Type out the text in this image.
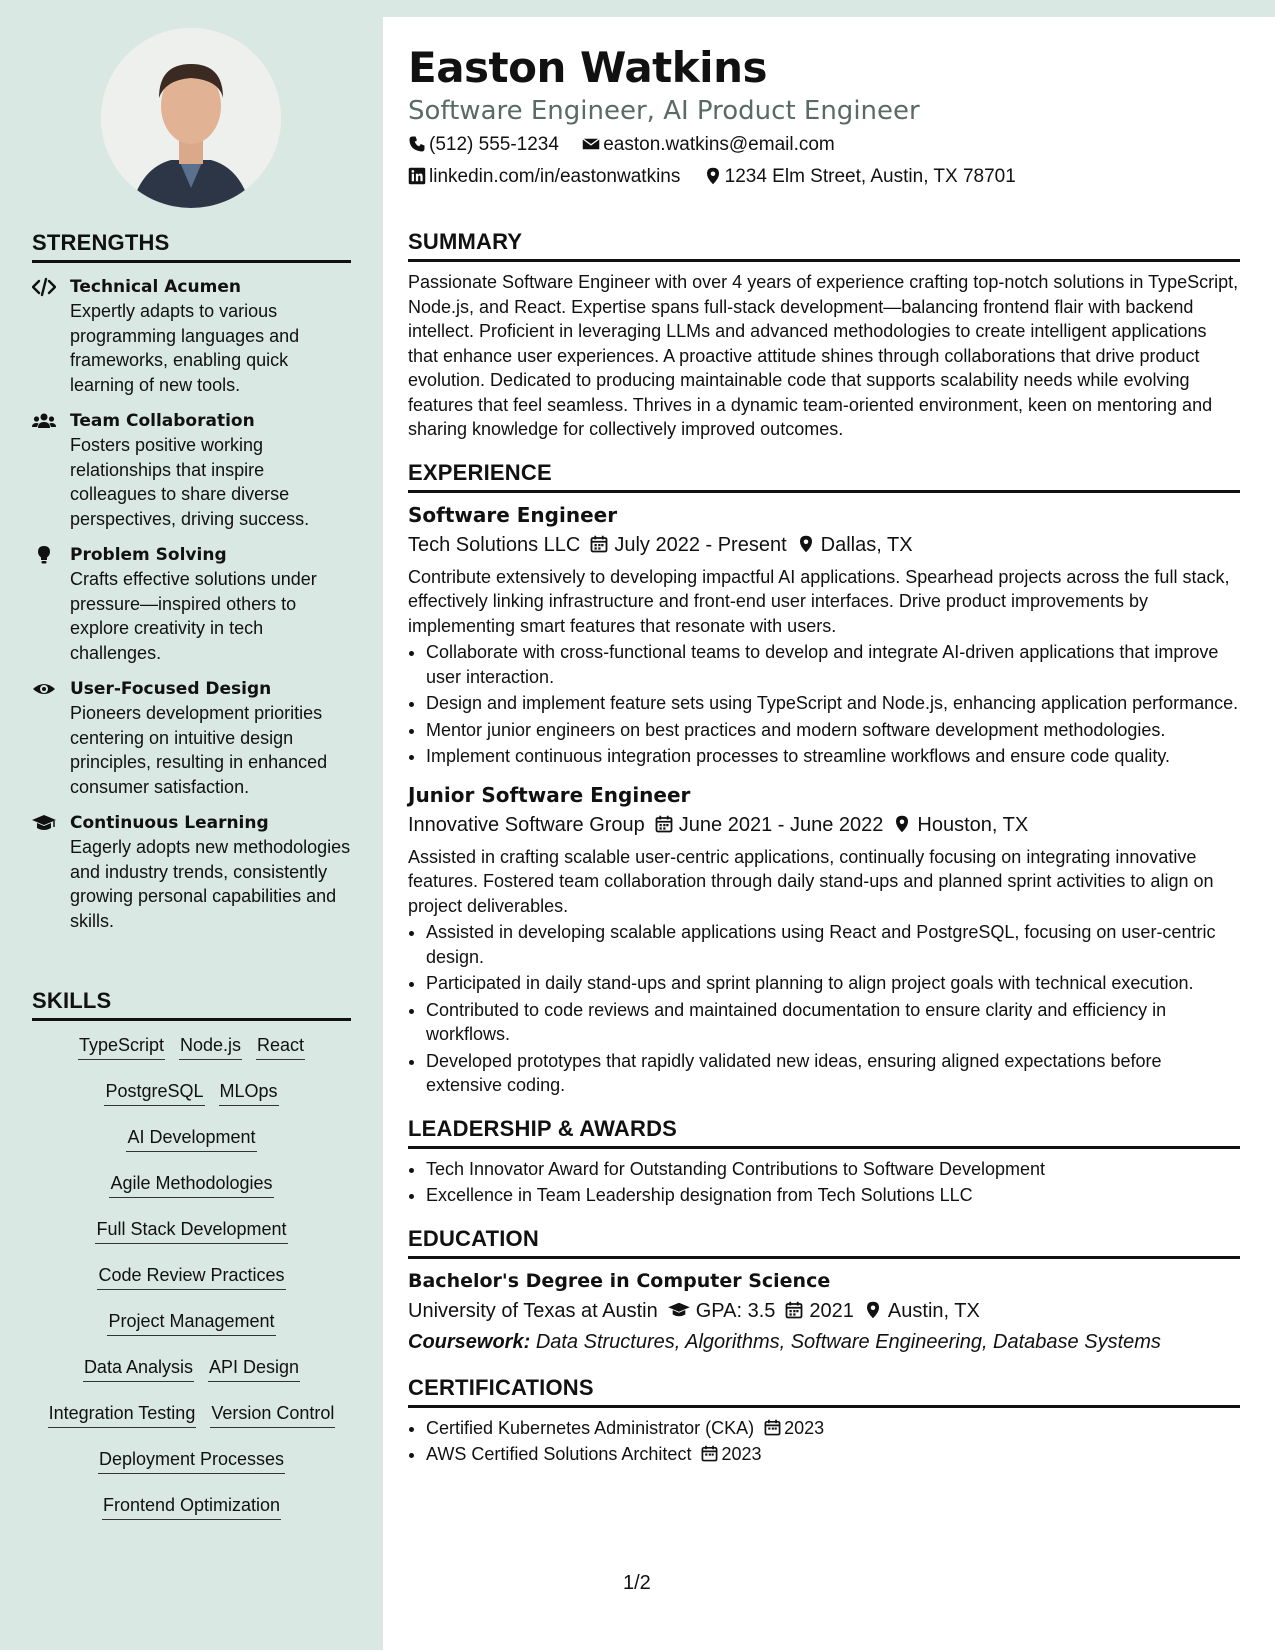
STRENGTHS
Technical Acumen
Expertly adapts to various programming languages and frameworks, enabling quick learning of new tools.
Team Collaboration
Fosters positive working relationships that inspire colleagues to share diverse perspectives, driving success.
Problem Solving
Crafts effective solutions under pressure—inspired others to explore creativity in tech challenges.
User-Focused Design
Pioneers development priorities centering on intuitive design principles, resulting in enhanced consumer satisfaction.
Continuous Learning
Eagerly adopts new methodologies and industry trends, consistently growing personal capabilities and skills.
SKILLS
TypeScript Node.js React
PostgreSQL MLOps
AI Development
Agile Methodologies
Full Stack Development
Code Review Practices
Project Management
Data Analysis API Design
Integration Testing Version Control
Deployment Processes
Frontend Optimization
Easton Watkins
Software Engineer, AI Product Engineer
(512) 555-1234 easton.watkins@email.com
linkedin.com/in/eastonwatkins 1234 Elm Street, Austin, TX 78701
SUMMARY

Passionate Software Engineer with over 4 years of experience crafting top-notch solutions in TypeScript, Node.js, and React. Expertise spans full-stack development—balancing frontend flair with backend intellect. Proficient in leveraging LLMs and advanced methodologies to create intelligent applications that enhance user experiences. A proactive attitude shines through collaborations that drive product evolution. Dedicated to producing maintainable code that supports scalability needs while evolving features that feel seamless. Thrives in a dynamic team-oriented environment, keen on mentoring and sharing knowledge for collectively improved outcomes.

EXPERIENCE
Software Engineer
Tech Solutions LLC July 2022 - Present Dallas, TX

Contribute extensively to developing impactful AI applications. Spearhead projects across the full stack, effectively linking infrastructure and front-end user interfaces. Drive product improvements by implementing smart features that resonate with users.

• Collaborate with cross-functional teams to develop and integrate AI-driven applications that improve user interaction.
• Design and implement feature sets using TypeScript and Node.js, enhancing application performance.
• Mentor junior engineers on best practices and modern software development methodologies.
• Implement continuous integration processes to streamline workflows and ensure code quality.
Junior Software Engineer
Innovative Software Group June 2021 - June 2022 Houston, TX

Assisted in crafting scalable user-centric applications, continually focusing on integrating innovative features. Fostered team collaboration through daily stand-ups and planned sprint activities to align on project deliverables.

• Assisted in developing scalable applications using React and PostgreSQL, focusing on user-centric design.
• Participated in daily stand-ups and sprint planning to align project goals with technical execution.
• Contributed to code reviews and maintained documentation to ensure clarity and efficiency in workflows.
• Developed prototypes that rapidly validated new ideas, ensuring aligned expectations before extensive coding.
LEADERSHIP & AWARDS
• Tech Innovator Award for Outstanding Contributions to Software Development
• Excellence in Team Leadership designation from Tech Solutions LLC
EDUCATION
Bachelor's Degree in Computer Science
University of Texas at Austin GPA: 3.5 2021 Austin, TX
Coursework: Data Structures, Algorithms, Software Engineering, Database Systems
CERTIFICATIONS
• Certified Kubernetes Administrator (CKA) 2023
• AWS Certified Solutions Architect 2023
1/2
